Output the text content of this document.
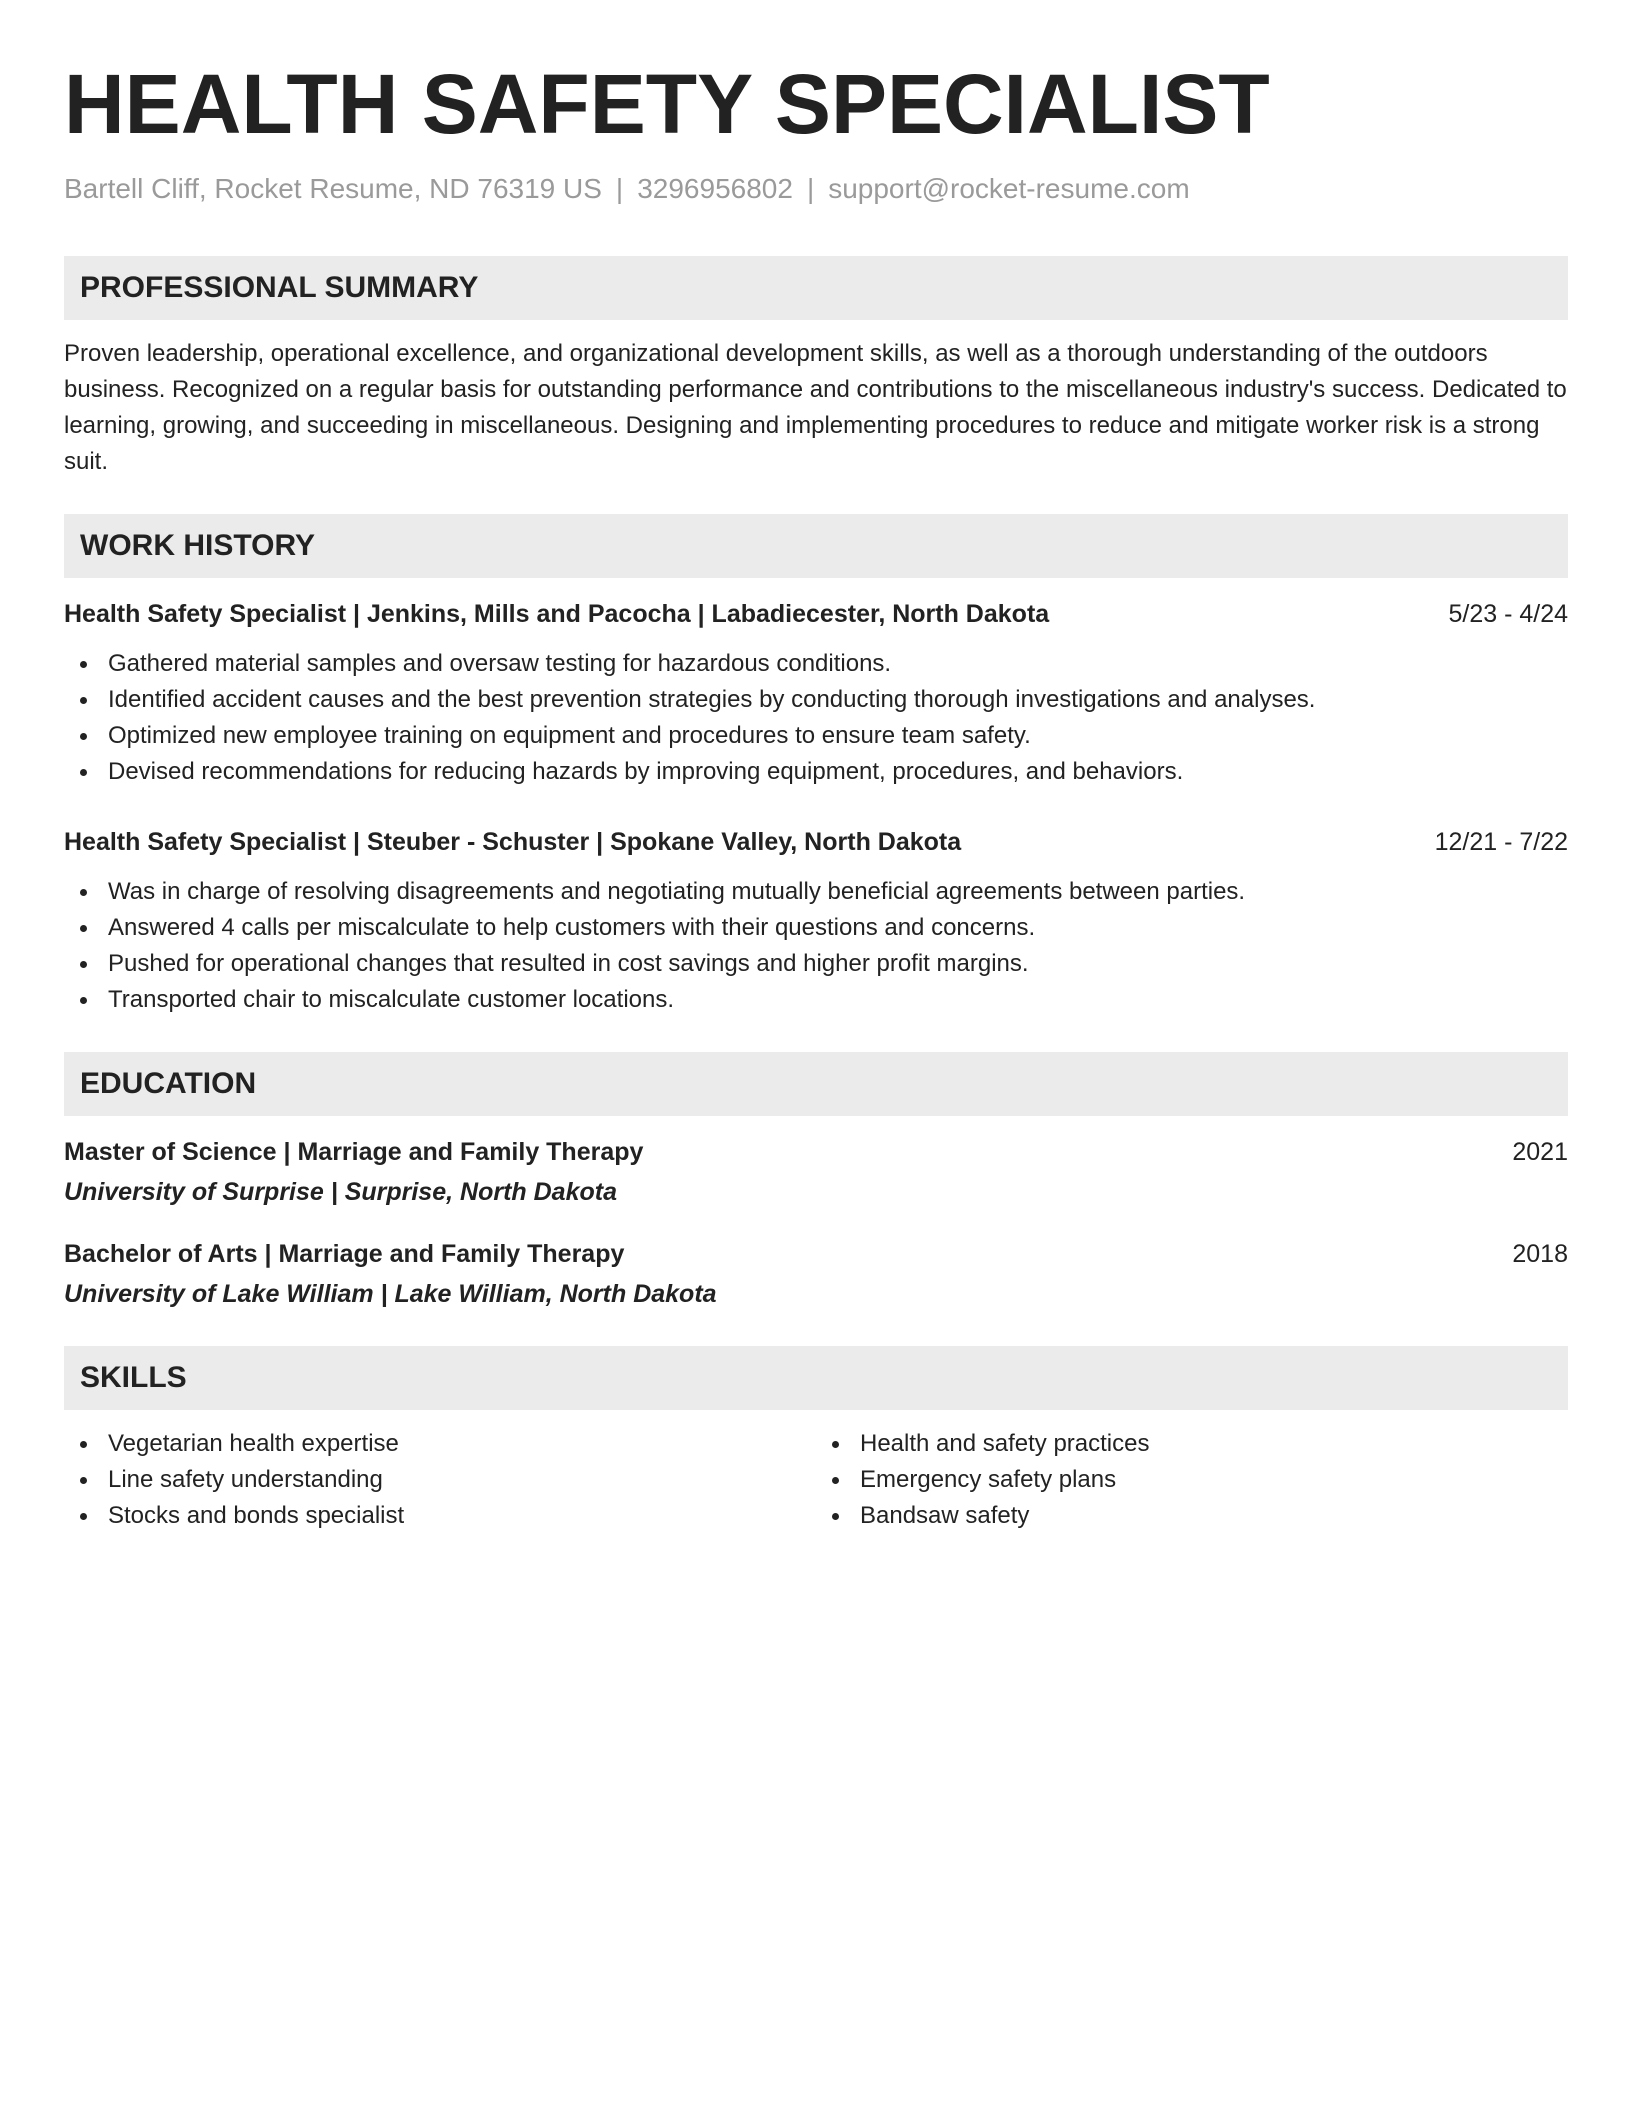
HEALTH SAFETY SPECIALIST
Bartell Cliff, Rocket Resume, ND 76319 US | 3296956802 | support@rocket-resume.com
PROFESSIONAL SUMMARY
Proven leadership, operational excellence, and organizational development skills, as well as a thorough understanding of the outdoors business. Recognized on a regular basis for outstanding performance and contributions to the miscellaneous industry's success. Dedicated to learning, growing, and succeeding in miscellaneous. Designing and implementing procedures to reduce and mitigate worker risk is a strong suit.
WORK HISTORY
Health Safety Specialist | Jenkins, Mills and Pacocha | Labadiecester, North Dakota	5/23 - 4/24
Gathered material samples and oversaw testing for hazardous conditions.
Identified accident causes and the best prevention strategies by conducting thorough investigations and analyses.
Optimized new employee training on equipment and procedures to ensure team safety.
Devised recommendations for reducing hazards by improving equipment, procedures, and behaviors.
Health Safety Specialist | Steuber - Schuster | Spokane Valley, North Dakota	12/21 - 7/22
Was in charge of resolving disagreements and negotiating mutually beneficial agreements between parties.
Answered 4 calls per miscalculate to help customers with their questions and concerns.
Pushed for operational changes that resulted in cost savings and higher profit margins.
Transported chair to miscalculate customer locations.
EDUCATION
Master of Science | Marriage and Family Therapy	2021
University of Surprise | Surprise, North Dakota
Bachelor of Arts | Marriage and Family Therapy	2018
University of Lake William | Lake William, North Dakota
SKILLS
Vegetarian health expertise
Line safety understanding
Stocks and bonds specialist
Health and safety practices
Emergency safety plans
Bandsaw safety
